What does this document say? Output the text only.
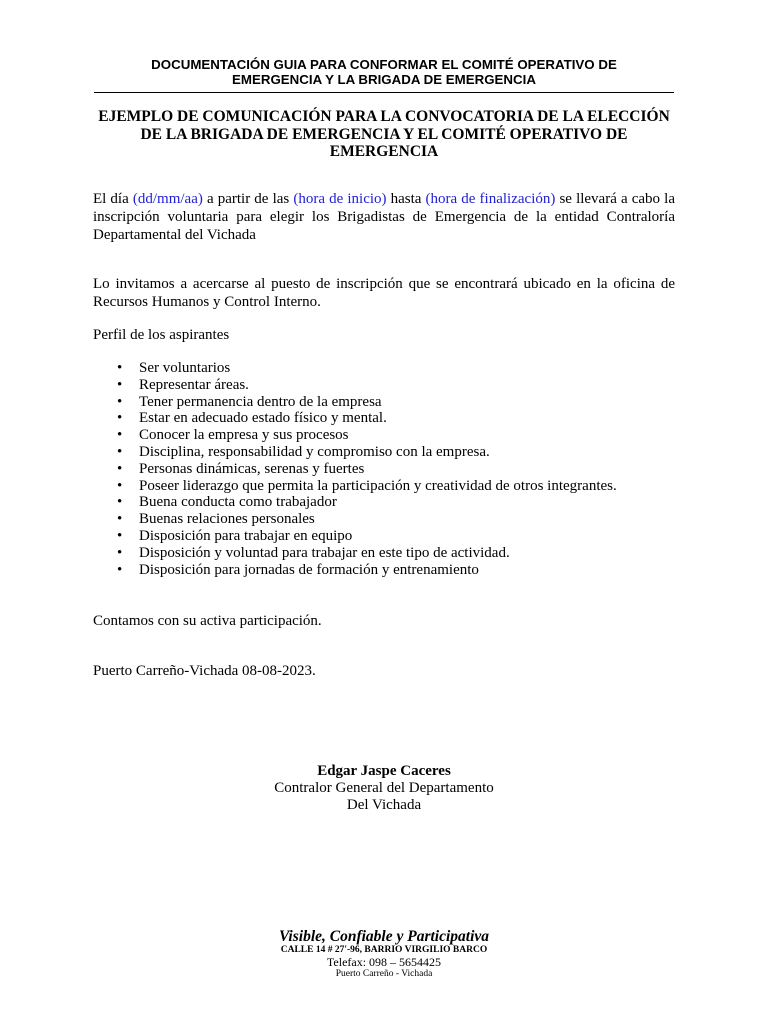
DOCUMENTACIÓN GUIA PARA CONFORMAR EL COMITÉ OPERATIVO DE
EMERGENCIA Y LA BRIGADA DE EMERGENCIA
EJEMPLO DE COMUNICACIÓN PARA LA CONVOCATORIA DE LA ELECCIÓN
DE LA BRIGADA DE EMERGENCIA Y EL COMITÉ OPERATIVO DE
EMERGENCIA

El día (dd/mm/aa) a partir de las (hora de inicio) hasta (hora de finalización) se llevará a cabo la inscripción voluntaria para elegir los Brigadistas de Emergencia de la entidad Contraloría Departamental del Vichada

Lo invitamos a acercarse al puesto de inscripción que se encontrará ubicado en la oficina de Recursos Humanos y Control Interno.

Perfil de los aspirantes

• Ser voluntarios
• Representar áreas.
• Tener permanencia dentro de la empresa
• Estar en adecuado estado físico y mental.
• Conocer la empresa y sus procesos
• Disciplina, responsabilidad y compromiso con la empresa.
• Personas dinámicas, serenas y fuertes
• Poseer liderazgo que permita la participación y creatividad de otros integrantes.
• Buena conducta como trabajador
• Buenas relaciones personales
• Disposición para trabajar en equipo
• Disposición y voluntad para trabajar en este tipo de actividad.
• Disposición para jornadas de formación y entrenamiento

Contamos con su activa participación.

Puerto Carreño-Vichada 08-08-2023.

Edgar Jaspe Caceres
Contralor General del Departamento
Del Vichada
Visible, Confiable y Participativa
CALLE 14 # 27'-96, BARRIO VIRGILIO BARCO
Telefax: 098 – 5654425
Puerto Carreño - Vichada
